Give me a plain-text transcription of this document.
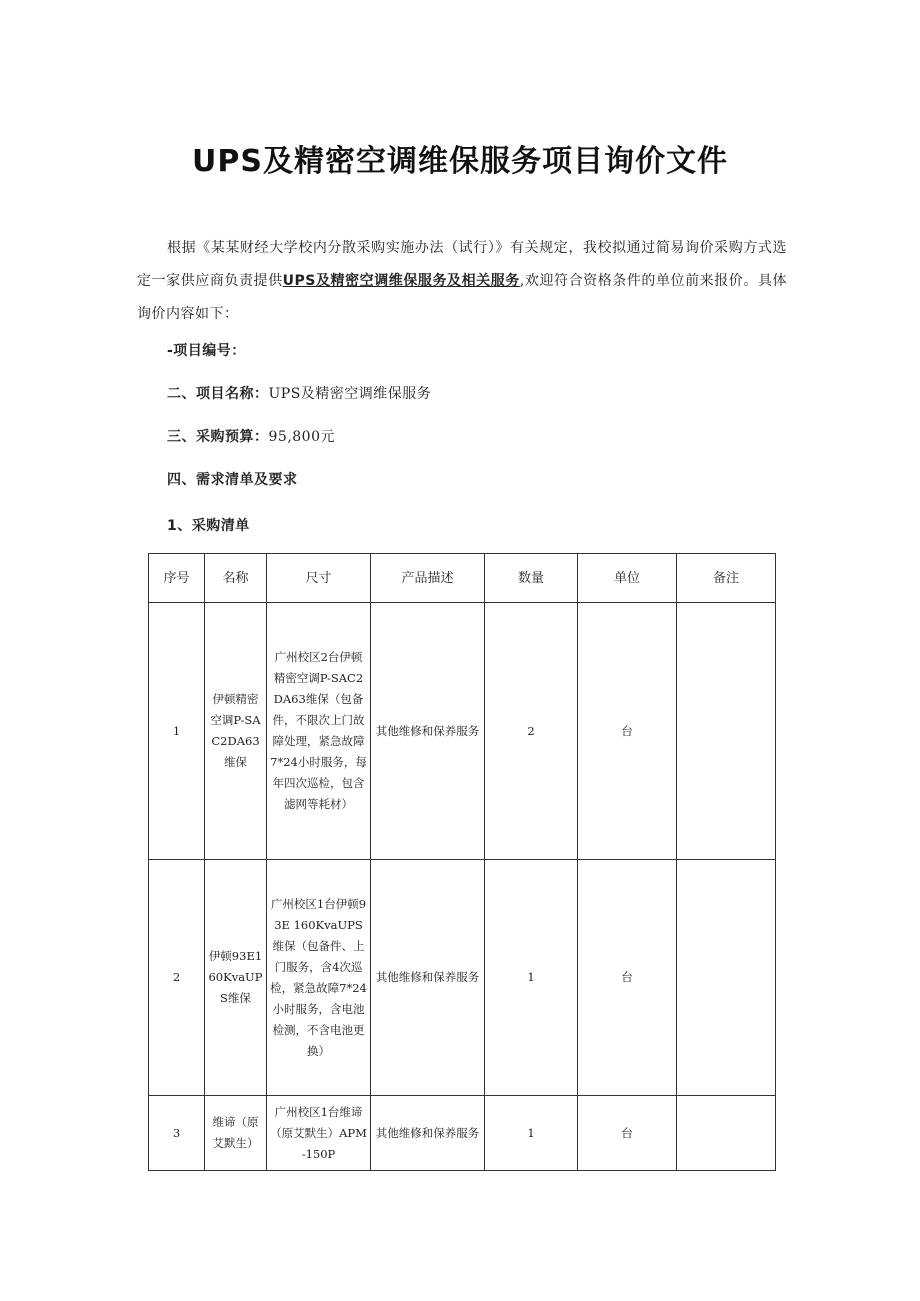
UPS及精密空调维保服务项目询价文件

根据《某某财经大学校内分散采购实施办法（试行）》有关规定，我校拟通过简易询价采购方式选定一家供应商负责提供UPS及精密空调维保服务及相关服务,欢迎符合资格条件的单位前来报价。具体询价内容如下：

-项目编号：
二、项目名称：UPS及精密空调维保服务
三、采购预算：95,800元
四、需求清单及要求
1、采购清单
序号	名称	尺寸	产品描述	数量	单位	备注
1	伊顿精密空调P-SAC2DA63维保	广州校区2台伊顿精密空调P-SAC2DA63维保（包备件，不限次上门故障处理，紧急故障7*24小时服务，每年四次巡检，包含滤网等耗材）	其他维修和保养服务	2	台	
2	伊顿93E160KvaUPS维保	广州校区1台伊顿93E 160KvaUPS维保（包备件、上门服务，含4次巡检，紧急故障7*24小时服务，含电池检测，不含电池更换）	其他维修和保养服务	1	台	
3	维谛（原艾默生）	广州校区1台维谛（原艾默生）APM-150P	其他维修和保养服务	1	台	
